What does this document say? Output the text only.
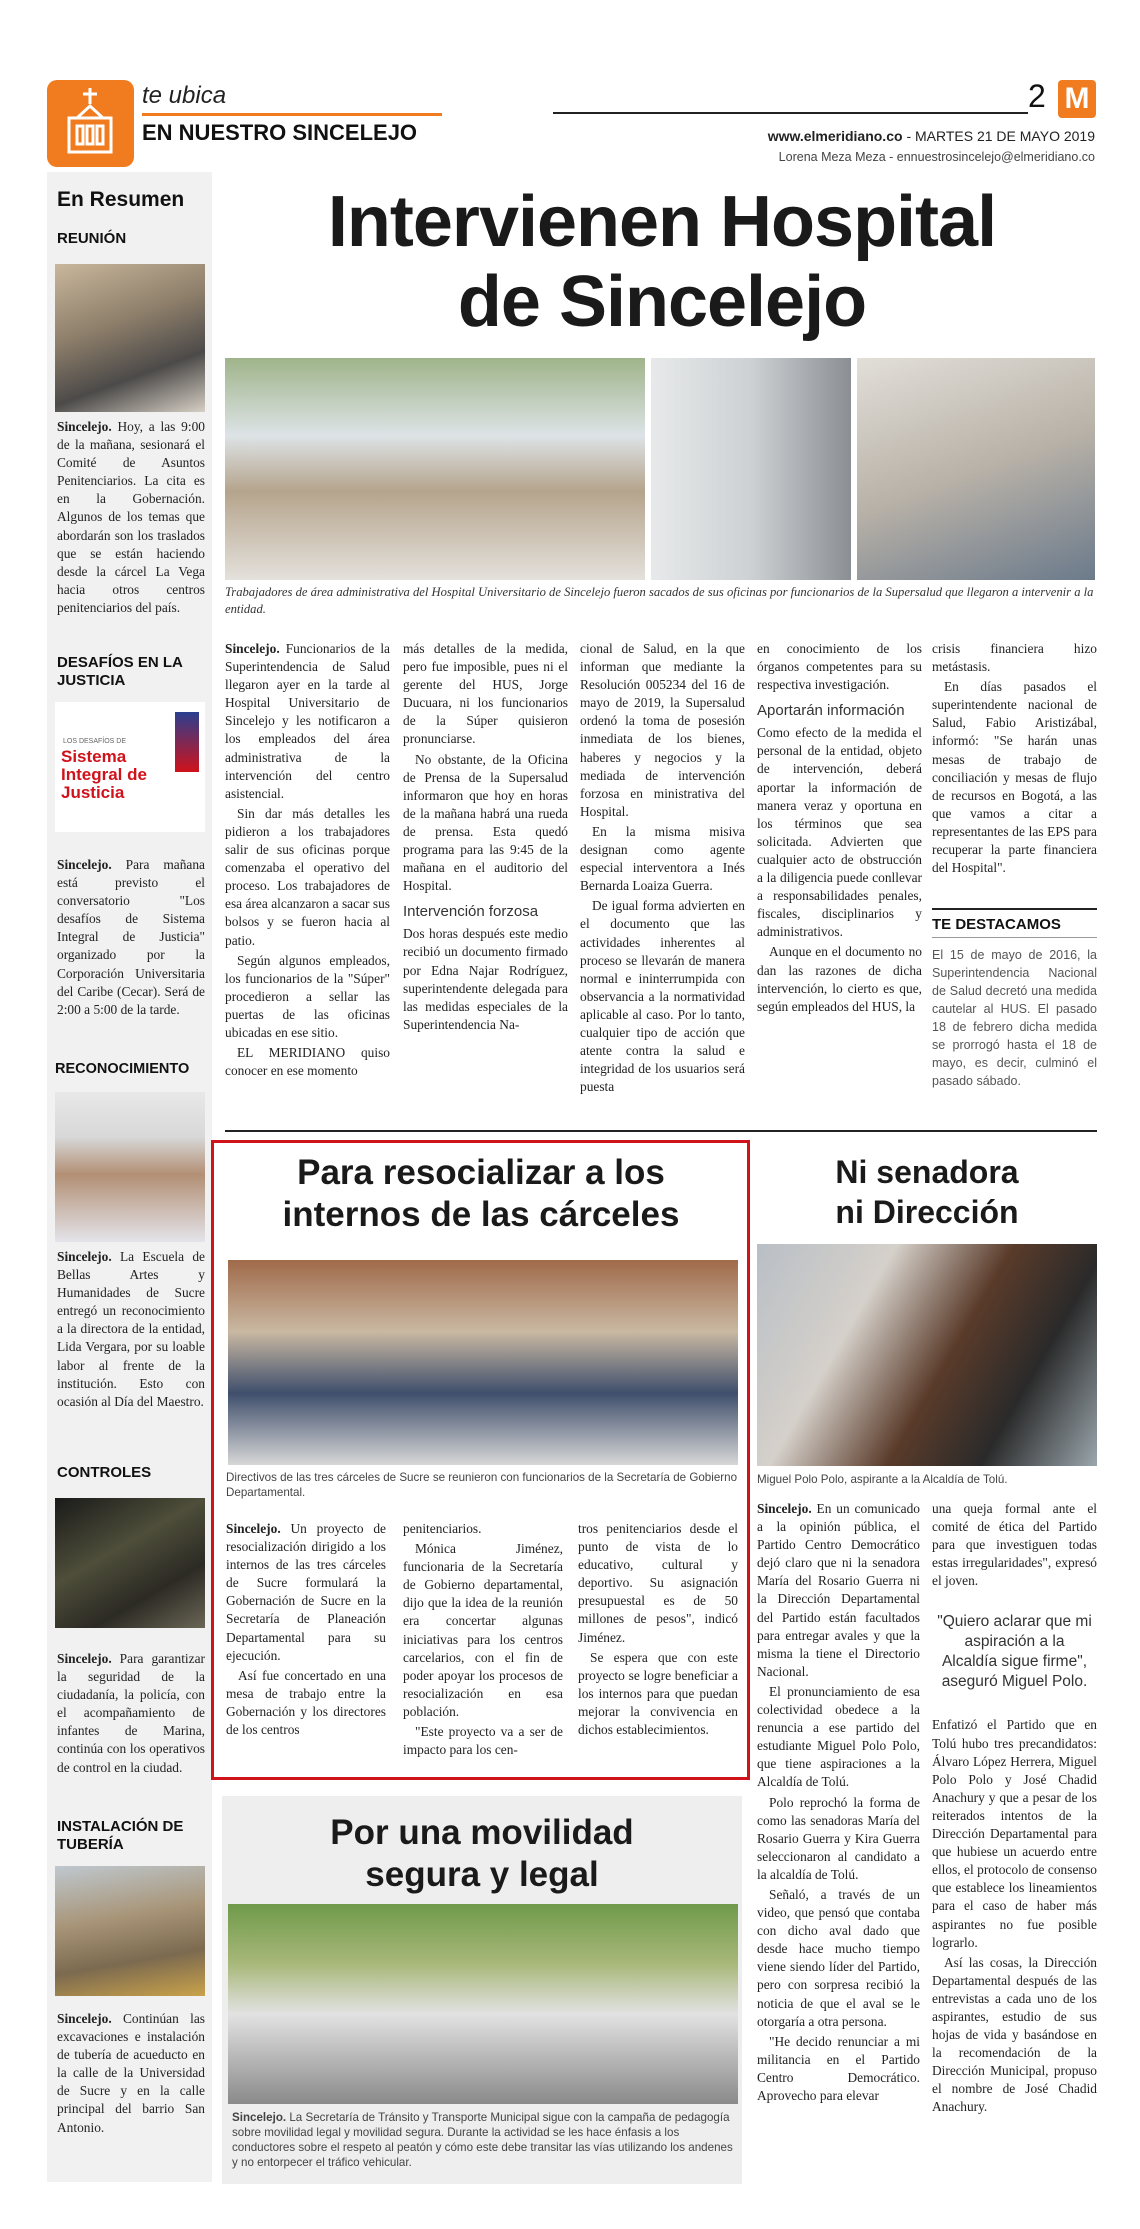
te ubica
EN NUESTRO SINCELEJO
2 M
www.elmeridiano.co - MARTES 21 DE MAYO 2019
Lorena Meza Meza - ennuestrosincelejo@elmeridiano.co
En Resumen
REUNIÓN
Sincelejo. Hoy, a las 9:00 de la mañana, sesionará el Comité de Asuntos Penitenciarios. La cita es en la Gobernación. Algunos de los temas que abordarán son los traslados que se están haciendo desde la cárcel La Vega hacia otros centros penitenciarios del país.
DESAFÍOS EN LA JUSTICIA
LOS DESAFÍOS DE
Sistema Integral de Justicia
Sincelejo. Para mañana está previsto el conversatorio "Los desafíos de Sistema Integral de Justicia" organizado por la Corporación Universitaria del Caribe (Cecar). Será de 2:00 a 5:00 de la tarde.
RECONOCIMIENTO
Sincelejo. La Escuela de Bellas Artes y Humanidades de Sucre entregó un reconocimiento a la directora de la entidad, Lida Vergara, por su loable labor al frente de la institución. Esto con ocasión al Día del Maestro.
CONTROLES
Sincelejo. Para garantizar la seguridad de la ciudadanía, la policía, con el acompañamiento de infantes de Marina, continúa con los operativos de control en la ciudad.
INSTALACIÓN DE TUBERÍA
Sincelejo. Continúan las excavaciones e instalación de tubería de acueducto en la calle de la Universidad de Sucre y en la calle principal del barrio San Antonio.
Intervienen Hospital
de Sincelejo
Trabajadores de área administrativa del Hospital Universitario de Sincelejo fueron sacados de sus oficinas por funcionarios de la Supersalud que llegaron a intervenir a la entidad.

Sincelejo. Funcionarios de la Superintendencia de Salud llegaron ayer en la tarde al Hospital Universitario de Sincelejo y les notificaron a los empleados del área administrativa de la intervención del centro asistencial.

Sin dar más detalles les pidieron a los trabajadores salir de sus oficinas porque comenzaba el operativo del proceso. Los trabajadores de esa área alcanzaron a sacar sus bolsos y se fueron hacia al patio.

Según algunos empleados, los funcionarios de la "Súper" procedieron a sellar las puertas de las oficinas ubicadas en ese sitio.

EL MERIDIANO quiso conocer en ese momento

más detalles de la medida, pero fue imposible, pues ni el gerente del HUS, Jorge Ducuara, ni los funcionarios de la Súper quisieron pronunciarse.

No obstante, de la Oficina de Prensa de la Supersalud informaron que hoy en horas de la mañana habrá una rueda de prensa. Esta quedó programa para las 9:45 de la mañana en el auditorio del Hospital.

Intervención forzosa

Dos horas después este medio recibió un documento firmado por Edna Najar Rodríguez, superintendente delegada para las medidas especiales de la Superintendencia Na-

cional de Salud, en la que informan que mediante la Resolución 005234 del 16 de mayo de 2019, la Supersalud ordenó la toma de posesión inmediata de los bienes, haberes y negocios y la mediada de intervención forzosa en ministrativa del Hospital.

En la misma misiva designan como agente especial interventora a Inés Bernarda Loaiza Guerra.

De igual forma advierten en el documento que las actividades inherentes al proceso se llevarán de manera normal e ininterrumpida con observancia a la normatividad aplicable al caso. Por lo tanto, cualquier tipo de acción que atente contra la salud e integridad de los usuarios será puesta

en conocimiento de los órganos competentes para su respectiva investigación.

Aportarán información

Como efecto de la medida el personal de la entidad, objeto de intervención, deberá aportar la información de manera veraz y oportuna en los términos que sea solicitada. Advierten que cualquier acto de obstrucción a la diligencia puede conllevar a responsabilidades penales, fiscales, disciplinarios y administrativos.

Aunque en el documento no dan las razones de dicha intervención, lo cierto es que, según empleados del HUS, la

crisis financiera hizo metástasis.

En días pasados el superintendente nacional de Salud, Fabio Aristizábal, informó: "Se harán unas mesas de trabajo de conciliación y mesas de flujo de recursos en Bogotá, a las que vamos a citar a representantes de las EPS para recuperar la parte financiera del Hospital".

TE DESTACAMOS
El 15 de mayo de 2016, la Superintendencia Nacional de Salud decretó una medida cautelar al HUS. El pasado 18 de febrero dicha medida se prorrogó hasta el 18 de mayo, es decir, culminó el pasado sábado.
Para resocializar a los
internos de las cárceles
Directivos de las tres cárceles de Sucre se reunieron con funcionarios de la Secretaría de Gobierno Departamental.

Sincelejo. Un proyecto de resocialización dirigido a los internos de las tres cárceles de Sucre formulará la Gobernación de Sucre en la Secretaría de Planeación Departamental para su ejecución.

Así fue concertado en una mesa de trabajo entre la Gobernación y los directores de los centros

penitenciarios.

Mónica Jiménez, funcionaria de la Secretaría de Gobierno departamental, dijo que la idea de la reunión era concertar algunas iniciativas para los centros carcelarios, con el fin de poder apoyar los procesos de resocialización en esa población.

"Este proyecto va a ser de impacto para los cen-

tros penitenciarios desde el punto de vista de lo educativo, cultural y deportivo. Su asignación presupuestal es de 50 millones de pesos", indicó Jiménez.

Se espera que con este proyecto se logre beneficiar a los internos para que puedan mejorar la convivencia en dichos establecimientos.

Por una movilidad
segura y legal
Sincelejo. La Secretaría de Tránsito y Transporte Municipal sigue con la campaña de pedagogía sobre movilidad legal y movilidad segura. Durante la actividad se les hace énfasis a los conductores sobre el respeto al peatón y cómo este debe transitar las vías utilizando los andenes y no entorpecer el tráfico vehicular.
Ni senadora
ni Dirección
Miguel Polo Polo, aspirante a la Alcaldía de Tolú.

Sincelejo. En un comunicado a la opinión pública, el Partido Centro Democrático dejó claro que ni la senadora María del Rosario Guerra ni la Dirección Departamental del Partido están facultados para entregar avales y que la misma la tiene el Directorio Nacional.

El pronunciamiento de esa colectividad obedece a la renuncia a ese partido del estudiante Miguel Polo Polo, que tiene aspiraciones a la Alcaldía de Tolú.

Polo reprochó la forma de como las senadoras María del Rosario Guerra y Kira Guerra seleccionaron al candidato a la alcaldía de Tolú.

Señaló, a través de un video, que pensó que contaba con dicho aval dado que desde hace mucho tiempo viene siendo líder del Partido, pero con sorpresa recibió la noticia de que el aval se le otorgaría a otra persona.

"He decido renunciar a mi militancia en el Partido Centro Democrático. Aprovecho para elevar

una queja formal ante el comité de ética del Partido para que investiguen todas estas irregularidades", expresó el joven.

"Quiero aclarar que mi aspiración a la Alcaldía sigue firme", aseguró Miguel Polo.

Enfatizó el Partido que en Tolú hubo tres precandidatos: Álvaro López Herrera, Miguel Polo Polo y José Chadid Anachury y que a pesar de los reiterados intentos de la Dirección Departamental para que hubiese un acuerdo entre ellos, el protocolo de consenso que establece los lineamientos para el caso de haber más aspirantes no fue posible lograrlo.

Así las cosas, la Dirección Departamental después de las entrevistas a cada uno de los aspirantes, estudio de sus hojas de vida y basándose en la recomendación de la Dirección Municipal, propuso el nombre de José Chadid Anachury.
